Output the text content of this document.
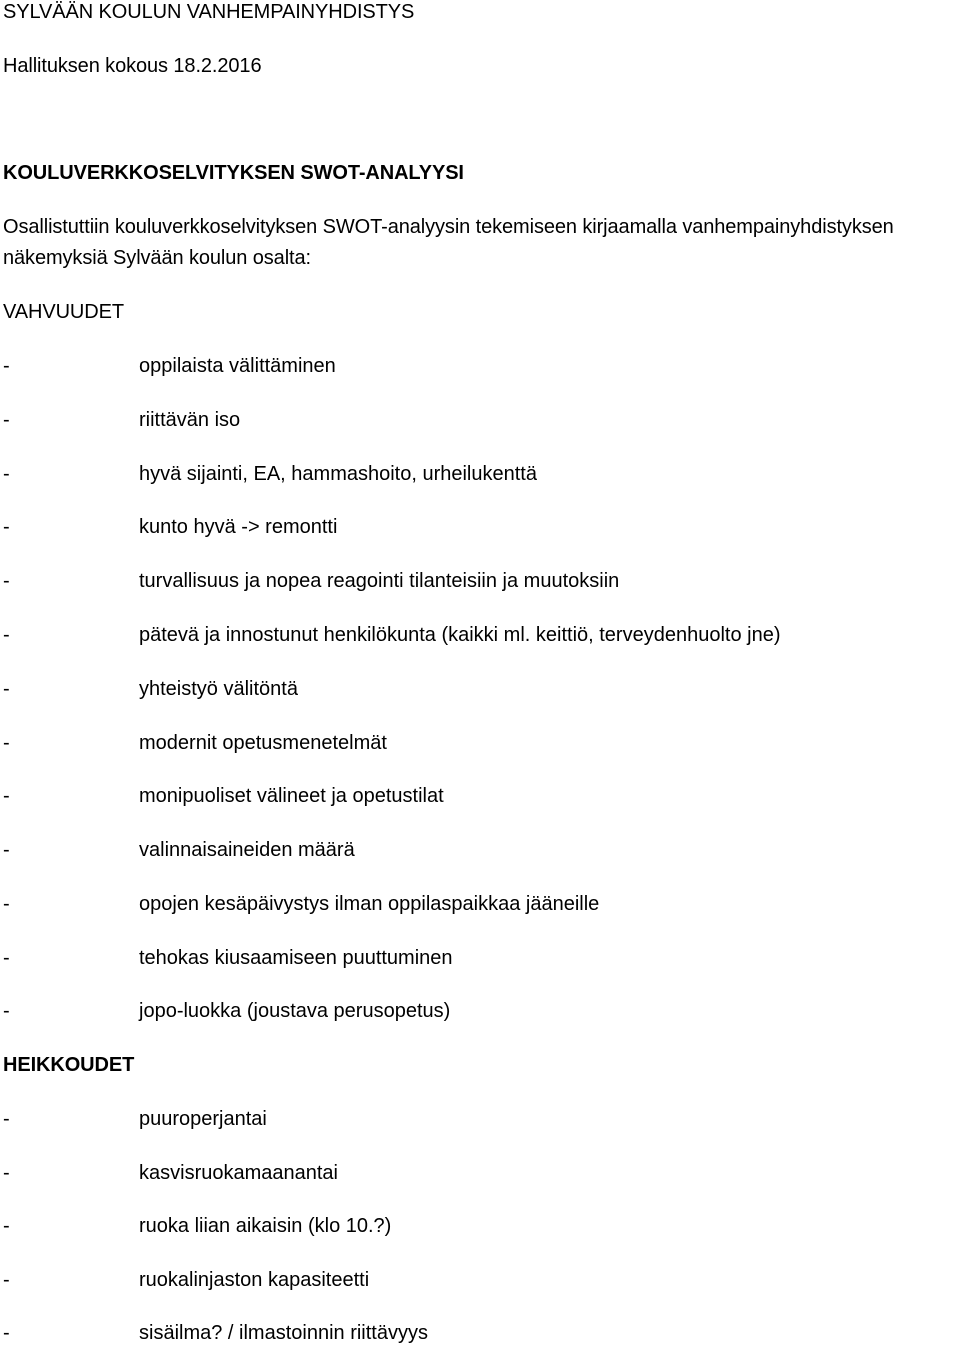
SYLVÄÄN KOULUN VANHEMPAINYHDISTYS
Hallituksen kokous 18.2.2016
KOULUVERKKOSELVITYKSEN SWOT-ANALYYSI
Osallistuttiin kouluverkkoselvityksen SWOT-analyysin tekemiseen kirjaamalla vanhempainyhdistyksen
näkemyksiä Sylvään koulun osalta:
VAHVUUDET
-	oppilaista välittäminen
-	riittävän iso
-	hyvä sijainti, EA, hammashoito, urheilukenttä
-	kunto hyvä -> remontti
-	turvallisuus ja nopea reagointi tilanteisiin ja muutoksiin
-	pätevä ja innostunut henkilökunta (kaikki ml. keittiö, terveydenhuolto jne)
-	yhteistyö välitöntä
-	modernit opetusmenetelmät
-	monipuoliset välineet ja opetustilat
-	valinnaisaineiden määrä
-	opojen kesäpäivystys ilman oppilaspaikkaa jääneille
-	tehokas kiusaamiseen puuttuminen
-	jopo-luokka (joustava perusopetus)
HEIKKOUDET
-	puuroperjantai
-	kasvisruokamaanantai
-	ruoka liian aikaisin (klo 10.?)
-	ruokalinjaston kapasiteetti
-	sisäilma? / ilmastoinnin riittävyys
